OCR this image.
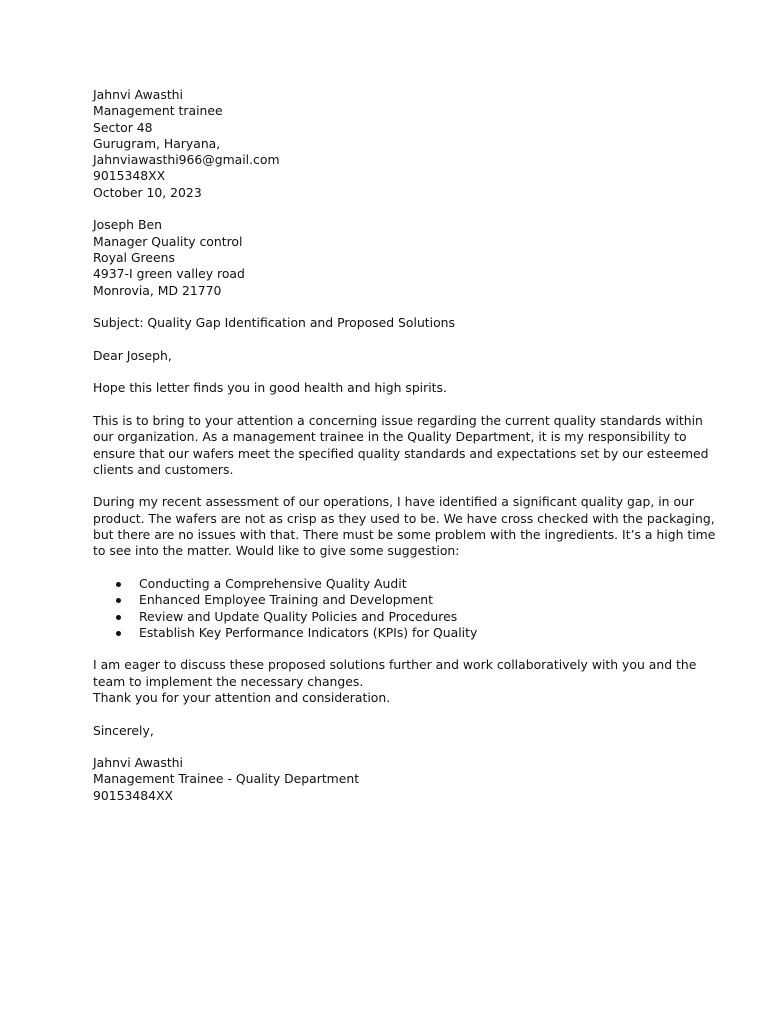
Jahnvi Awasthi
Management trainee
Sector 48
Gurugram, Haryana,
Jahnviawasthi966@gmail.com
9015348XX
October 10, 2023
Joseph Ben
Manager Quality control
Royal Greens
4937-I green valley road
Monrovia, MD 21770
Subject: Quality Gap Identification and Proposed Solutions
Dear Joseph,
Hope this letter finds you in good health and high spirits.
This is to bring to your attention a concerning issue regarding the current quality standards within
our organization. As a management trainee in the Quality Department, it is my responsibility to
ensure that our wafers meet the specified quality standards and expectations set by our esteemed
clients and customers.
During my recent assessment of our operations, I have identified a significant quality gap, in our
product. The wafers are not as crisp as they used to be. We have cross checked with the packaging,
but there are no issues with that. There must be some problem with the ingredients. It’s a high time
to see into the matter. Would like to give some suggestion:
Conducting a Comprehensive Quality Audit
Enhanced Employee Training and Development
Review and Update Quality Policies and Procedures
Establish Key Performance Indicators (KPIs) for Quality
I am eager to discuss these proposed solutions further and work collaboratively with you and the
team to implement the necessary changes.
Thank you for your attention and consideration.
Sincerely,
Jahnvi Awasthi
Management Trainee - Quality Department
90153484XX
